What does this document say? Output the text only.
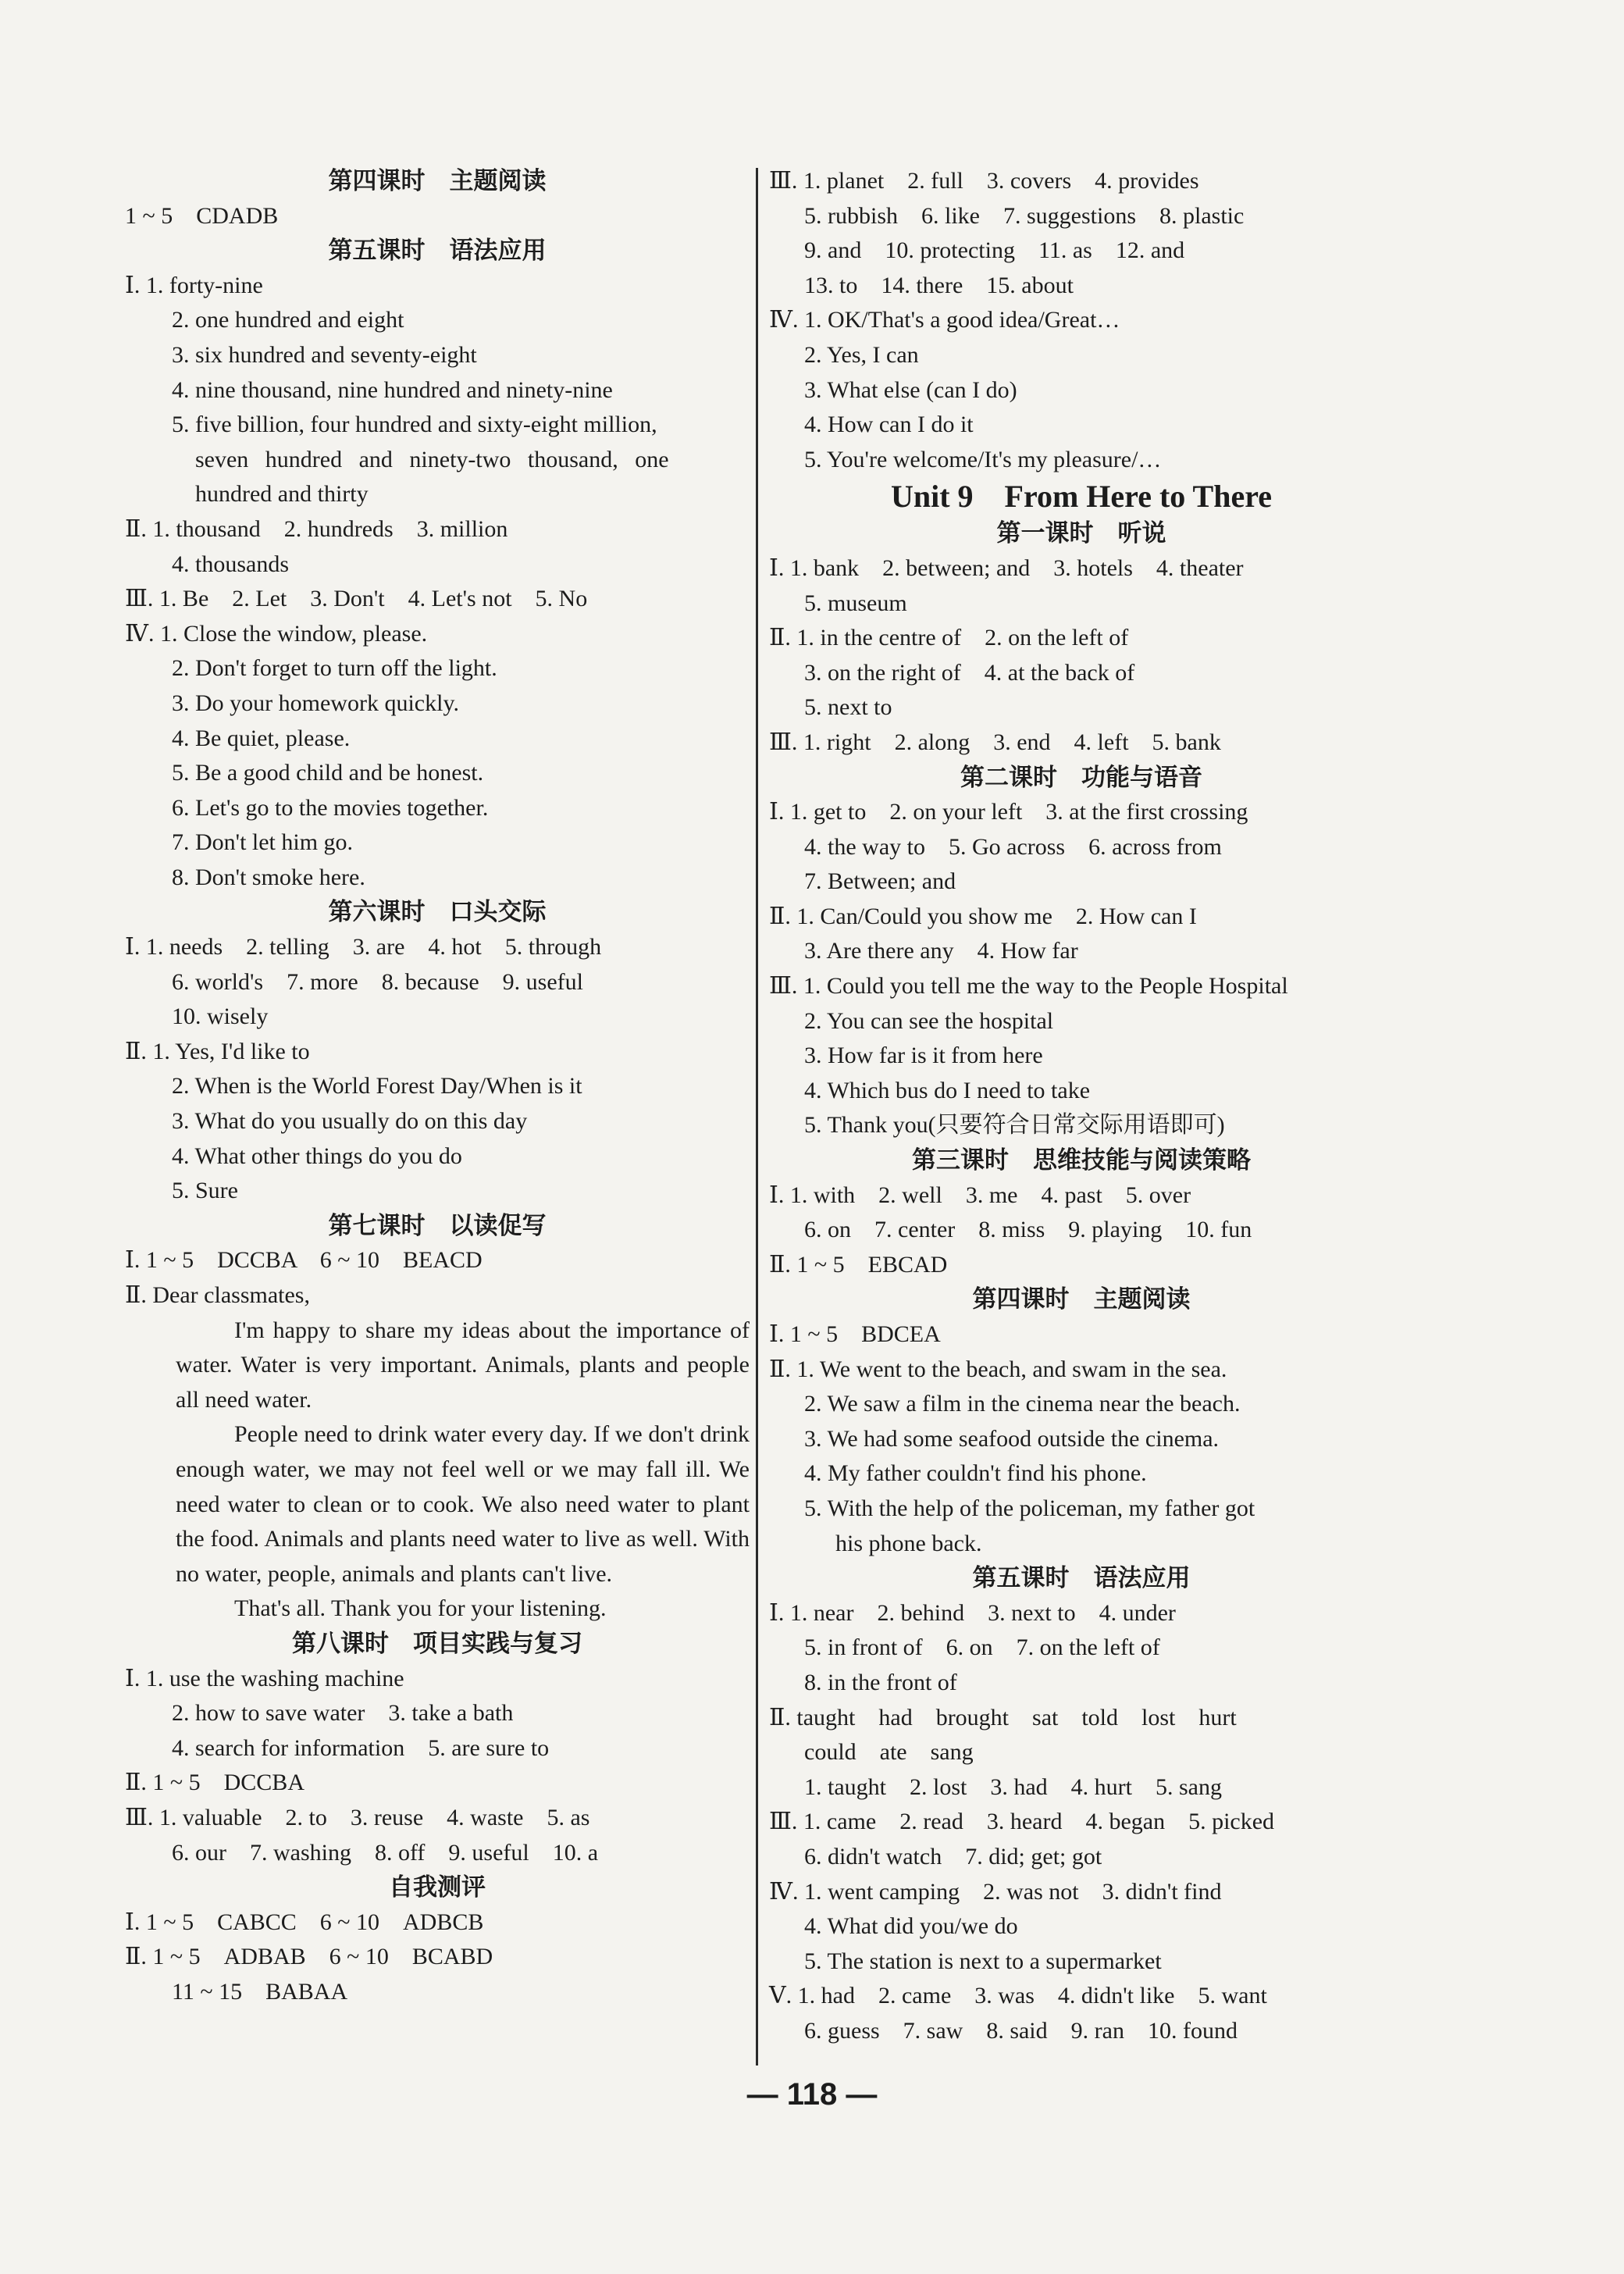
第四课时　主题阅读
1 ~ 5　CDADB
第五课时　语法应用
Ⅰ. 1. forty-nine
2. one hundred and eight
3. six hundred and seventy-eight
4. nine thousand, nine hundred and ninety-nine
5. five billion, four hundred and sixty-eight million,
seven hundred and ninety-two thousand, one
hundred and thirty
Ⅱ. 1. thousand　2. hundreds　3. million
4. thousands
Ⅲ. 1. Be　2. Let　3. Don't　4. Let's not　5. No
Ⅳ. 1. Close the window, please.
2. Don't forget to turn off the light.
3. Do your homework quickly.
4. Be quiet, please.
5. Be a good child and be honest.
6. Let's go to the movies together.
7. Don't let him go.
8. Don't smoke here.
第六课时　口头交际
Ⅰ. 1. needs　2. telling　3. are　4. hot　5. through
6. world's　7. more　8. because　9. useful
10. wisely
Ⅱ. 1. Yes, I'd like to
2. When is the World Forest Day/When is it
3. What do you usually do on this day
4. What other things do you do
5. Sure
第七课时　以读促写
Ⅰ. 1 ~ 5　DCCBA　6 ~ 10　BEACD
Ⅱ. Dear classmates,

I'm happy to share my ideas about the importance of water. Water is very important. Animals, plants and people all need water.

People need to drink water every day. If we don't drink enough water, we may not feel well or we may fall ill. We need water to clean or to cook. We also need water to plant the food. Animals and plants need water to live as well. With no water, people, animals and plants can't live.

That's all. Thank you for your listening.
第八课时　项目实践与复习
Ⅰ. 1. use the washing machine
2. how to save water　3. take a bath
4. search for information　5. are sure to
Ⅱ. 1 ~ 5　DCCBA
Ⅲ. 1. valuable　2. to　3. reuse　4. waste　5. as
6. our　7. washing　8. off　9. useful　10. a
自我测评
Ⅰ. 1 ~ 5　CABCC　6 ~ 10　ADBCB
Ⅱ. 1 ~ 5　ADBAB　6 ~ 10　BCABD
11 ~ 15　BABAA
Ⅲ. 1. planet　2. full　3. covers　4. provides
5. rubbish　6. like　7. suggestions　8. plastic
9. and　10. protecting　11. as　12. and
13. to　14. there　15. about
Ⅳ. 1. OK/That's a good idea/Great…
2. Yes, I can
3. What else (can I do)
4. How can I do it
5. You're welcome/It's my pleasure/…
Unit 9　From Here to There
第一课时　听说
Ⅰ. 1. bank　2. between; and　3. hotels　4. theater
5. museum
Ⅱ. 1. in the centre of　2. on the left of
3. on the right of　4. at the back of
5. next to
Ⅲ. 1. right　2. along　3. end　4. left　5. bank
第二课时　功能与语音
Ⅰ. 1. get to　2. on your left　3. at the first crossing
4. the way to　5. Go across　6. across from
7. Between; and
Ⅱ. 1. Can/Could you show me　2. How can I
3. Are there any　4. How far
Ⅲ. 1. Could you tell me the way to the People Hospital
2. You can see the hospital
3. How far is it from here
4. Which bus do I need to take
5. Thank you(只要符合日常交际用语即可)
第三课时　思维技能与阅读策略
Ⅰ. 1. with　2. well　3. me　4. past　5. over
6. on　7. center　8. miss　9. playing　10. fun
Ⅱ. 1 ~ 5　EBCAD
第四课时　主题阅读
Ⅰ. 1 ~ 5　BDCEA
Ⅱ. 1. We went to the beach, and swam in the sea.
2. We saw a film in the cinema near the beach.
3. We had some seafood outside the cinema.
4. My father couldn't find his phone.
5. With the help of the policeman, my father got
his phone back.
第五课时　语法应用
Ⅰ. 1. near　2. behind　3. next to　4. under
5. in front of　6. on　7. on the left of
8. in the front of
Ⅱ. taught　had　brought　sat　told　lost　hurt
could　ate　sang
1. taught　2. lost　3. had　4. hurt　5. sang
Ⅲ. 1. came　2. read　3. heard　4. began　5. picked
6. didn't watch　7. did; get; got
Ⅳ. 1. went camping　2. was not　3. didn't find
4. What did you/we do
5. The station is next to a supermarket
Ⅴ. 1. had　2. came　3. was　4. didn't like　5. want
6. guess　7. saw　8. said　9. ran　10. found
— 118 —
